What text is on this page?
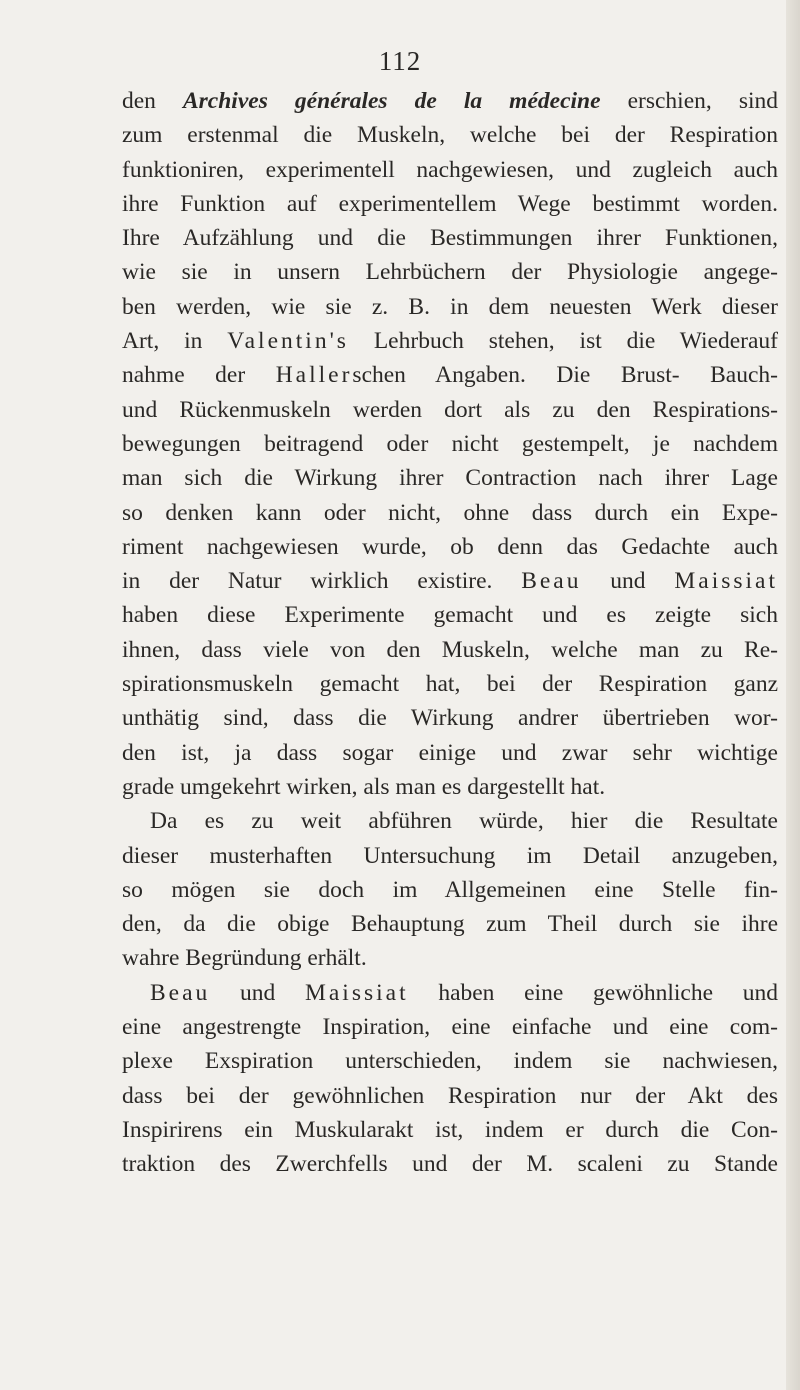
112
den Archives générales de la médecine erschien, sind
zum erstenmal die Muskeln, welche bei der Respiration
funktioniren, experimentell nachgewiesen, und zugleich auch
ihre Funktion auf experimentellem Wege bestimmt worden.
Ihre Aufzählung und die Bestimmungen ihrer Funktionen,
wie sie in unsern Lehrbüchern der Physiologie angege-
ben werden, wie sie z. B. in dem neuesten Werk dieser
Art, in Valentin's Lehrbuch stehen, ist die Wiederauf
nahme der Hallerschen Angaben. Die Brust- Bauch-
und Rückenmuskeln werden dort als zu den Respirations-
bewegungen beitragend oder nicht gestempelt, je nachdem
man sich die Wirkung ihrer Contraction nach ihrer Lage
so denken kann oder nicht, ohne dass durch ein Expe-
riment nachgewiesen wurde, ob denn das Gedachte auch
in der Natur wirklich existire. Beau und Maissiat
haben diese Experimente gemacht und es zeigte sich
ihnen, dass viele von den Muskeln, welche man zu Re-
spirationsmuskeln gemacht hat, bei der Respiration ganz
unthätig sind, dass die Wirkung andrer übertrieben wor-
den ist, ja dass sogar einige und zwar sehr wichtige
grade umgekehrt wirken, als man es dargestellt hat.
Da es zu weit abführen würde, hier die Resultate
dieser musterhaften Untersuchung im Detail anzugeben,
so mögen sie doch im Allgemeinen eine Stelle fin-
den, da die obige Behauptung zum Theil durch sie ihre
wahre Begründung erhält.
Beau und Maissiat haben eine gewöhnliche und
eine angestrengte Inspiration, eine einfache und eine com-
plexe Exspiration unterschieden, indem sie nachwiesen,
dass bei der gewöhnlichen Respiration nur der Akt des
Inspirirens ein Muskularakt ist, indem er durch die Con-
traktion des Zwerchfells und der M. scaleni zu Stande
